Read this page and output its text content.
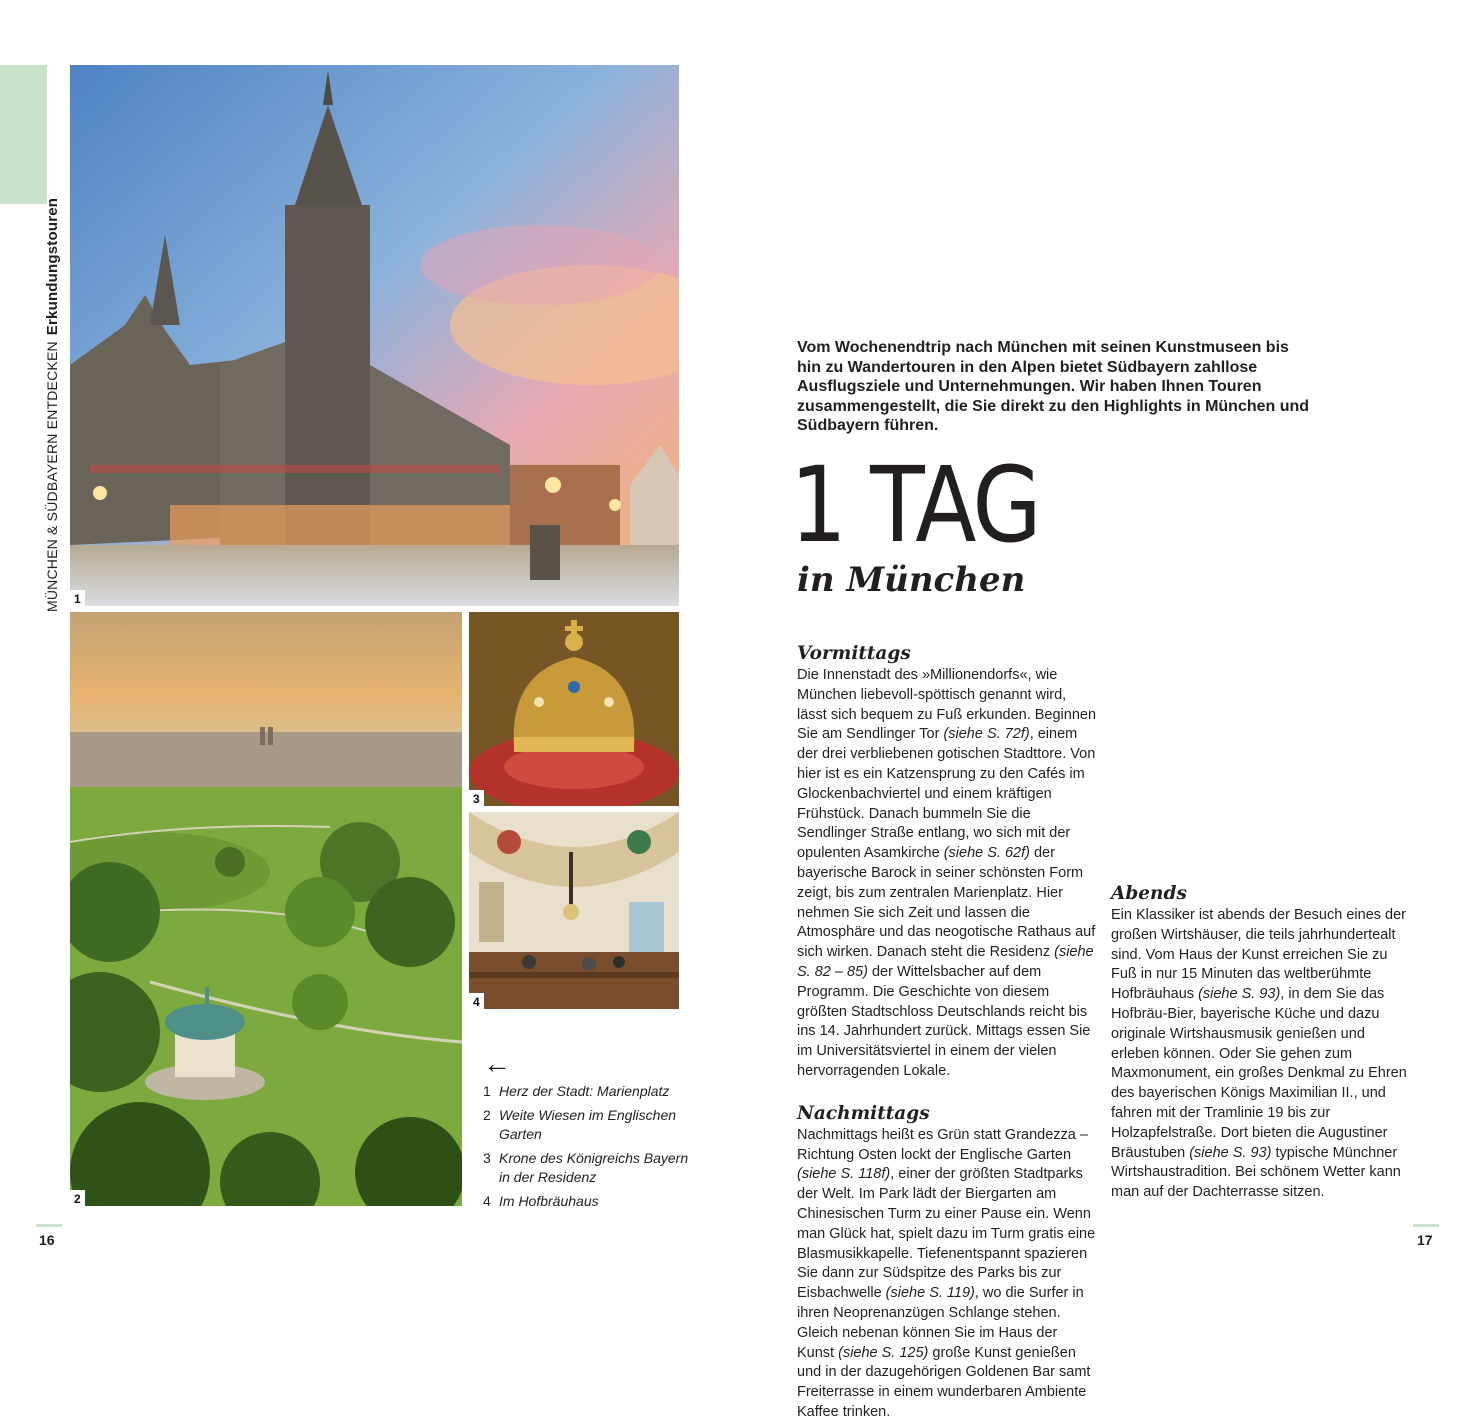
MÜNCHEN & SÜDBAYERN ENTDECKENErkundungstouren
1
2
3
4
←
1 Herz der Stadt: Marienplatz
2 Weite Wiesen im Englischen Garten
3 Krone des Königreichs Bayern in der Residenz
4 Im Hofbräuhaus
Vom Wochenendtrip nach München mit seinen Kunstmuseen bis hin zu Wandertouren in den Alpen bietet Südbayern zahllose Ausflugsziele und Unternehmungen. Wir haben Ihnen Touren zusammengestellt, die Sie direkt zu den Highlights in München und Südbayern führen.
1 TAG
in München

Vormittags

Die Innenstadt des »Millionendorfs«, wie München liebevoll-spöttisch genannt wird, lässt sich bequem zu Fuß erkunden. Beginnen Sie am Sendlinger Tor (siehe S. 72f), einem der drei verbliebenen gotischen Stadttore. Von hier ist es ein Katzensprung zu den Cafés im Glockenbachviertel und einem kräftigen Frühstück. Danach bummeln Sie die Sendlinger Straße entlang, wo sich mit der opulenten Asamkirche (siehe S. 62f) der bayerische Barock in seiner schönsten Form zeigt, bis zum zentralen Marienplatz. Hier nehmen Sie sich Zeit und lassen die Atmosphäre und das neogotische Rathaus auf sich wirken. Danach steht die Residenz (siehe S. 82 – 85) der Wittelsbacher auf dem Programm. Die Geschichte von diesem größten Stadtschloss Deutschlands reicht bis ins 14. Jahrhundert zurück. Mittags essen Sie im Universitätsviertel in einem der vielen hervorragenden Lokale.

Nachmittags

Nachmittags heißt es Grün statt Grandezza – Richtung Osten lockt der Englische Garten (siehe S. 118f), einer der größten Stadtparks der Welt. Im Park lädt der Biergarten am Chinesischen Turm zu einer Pause ein. Wenn man Glück hat, spielt dazu im Turm gratis eine Blasmusikkapelle. Tiefenentspannt spazieren Sie dann zur Südspitze des Parks bis zur Eisbachwelle (siehe S. 119), wo die Surfer in ihren Neoprenanzügen Schlange stehen. Gleich nebenan können Sie im Haus der Kunst (siehe S. 125) große Kunst genießen und in der dazugehörigen Goldenen Bar samt Freiterrasse in einem wunderbaren Ambiente Kaffee trinken.

Abends

Ein Klassiker ist abends der Besuch eines der großen Wirtshäuser, die teils jahrhundertealt sind. Vom Haus der Kunst erreichen Sie zu Fuß in nur 15 Minuten das weltberühmte Hofbräuhaus (siehe S. 93), in dem Sie das Hofbräu-Bier, bayerische Küche und dazu originale Wirtshausmusik genießen und erleben können. Oder Sie gehen zum Maxmonument, ein großes Denkmal zu Ehren des bayerischen Königs Maximilian II., und fahren mit der Tramlinie 19 bis zur Holzapfelstraße. Dort bieten die Augustiner Bräustuben (siehe S. 93) typische Münchner Wirtshaustradition. Bei schönem Wetter kann man auf der Dachterrasse sitzen.

16	17
